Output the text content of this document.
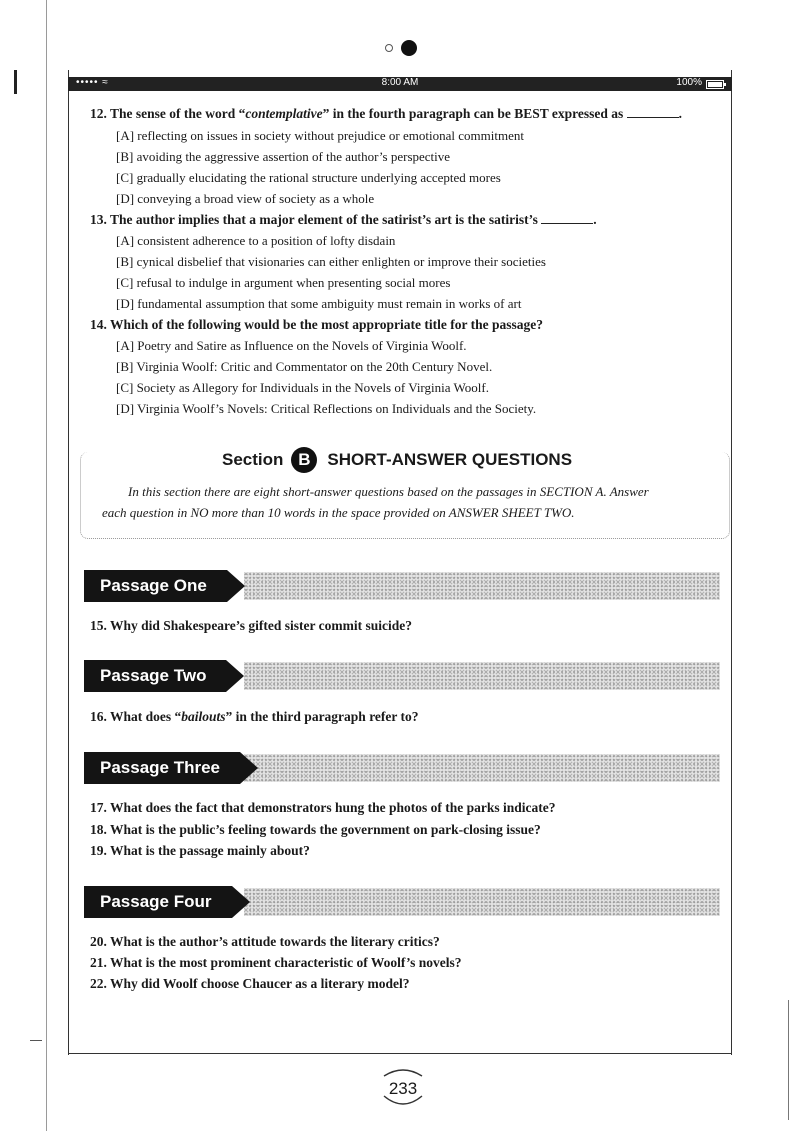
••••• ≈	8:00 AM	100%
12. The sense of the word “contemplative” in the fourth paragraph can be BEST expressed as	.
[A] reflecting on issues in society without prejudice or emotional commitment
[B] avoiding the aggressive assertion of the author’s perspective
[C] gradually elucidating the rational structure underlying accepted mores
[D] conveying a broad view of society as a whole
13. The author implies that a major element of the satirist’s art is the satirist’s	.
[A] consistent adherence to a position of lofty disdain
[B] cynical disbelief that visionaries can either enlighten or improve their societies
[C] refusal to indulge in argument when presenting social mores
[D] fundamental assumption that some ambiguity must remain in works of art
14. Which of the following would be the most appropriate title for the passage?
[A] Poetry and Satire as Influence on the Novels of Virginia Woolf.
[B] Virginia Woolf: Critic and Commentator on the 20th Century Novel.
[C] Society as Allegory for Individuals in the Novels of Virginia Woolf.
[D] Virginia Woolf’s Novels: Critical Reflections on Individuals and the Society.
Section B SHORT-ANSWER QUESTIONS
In this section there are eight short-answer questions based on the passages in SECTION A. Answer
each question in NO more than 10 words in the space provided on ANSWER SHEET TWO.
Passage One
15. Why did Shakespeare’s gifted sister commit suicide?
Passage Two
16. What does “bailouts” in the third paragraph refer to?
Passage Three
17. What does the fact that demonstrators hung the photos of the parks indicate?
18. What is the public’s feeling towards the government on park-closing issue?
19. What is the passage mainly about?
Passage Four
20. What is the author’s attitude towards the literary critics?
21. What is the most prominent characteristic of Woolf’s novels?
22. Why did Woolf choose Chaucer as a literary model?
233
